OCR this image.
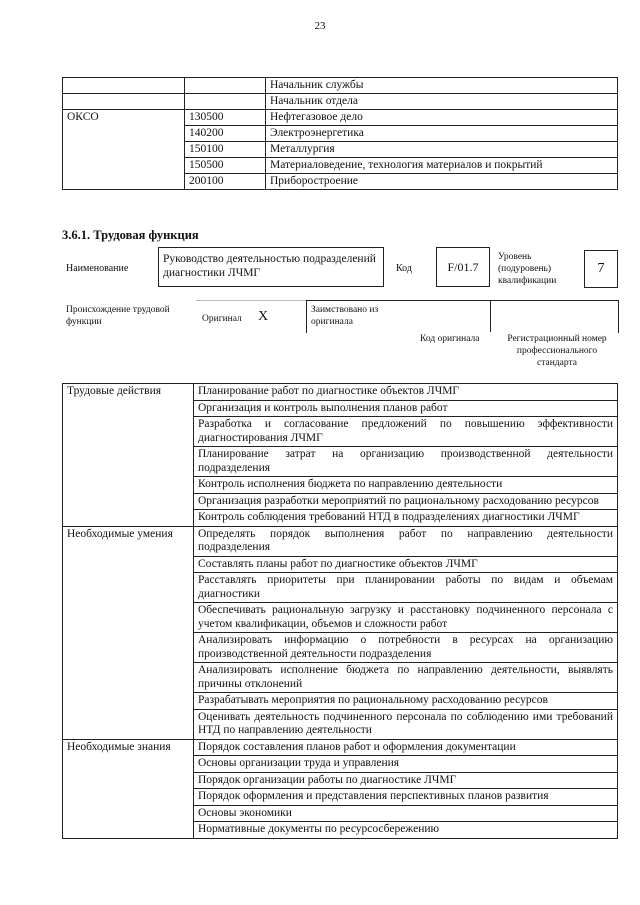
23
		Начальник службы
		Начальник отдела
ОКСО	130500	Нефтегазовое дело
	140200	Электроэнергетика
	150100	Металлургия
	150500	Материаловедение, технология материалов и покрытий
	200100	Приборостроение
3.6.1. Трудовая функция
Наименование
Руководство деятельностью подразделений диагностики ЛЧМГ	Код	F/01.7
Уровень (подуровень) квалификации
7
Происхождение трудовой функции	Оригинал X	Заимствовано из оригинала
Код оригинала	Регистрационный номер профессионального стандарта
Трудовые действия	Планирование работ по диагностике объектов ЛЧМГ
	Организация и контроль выполнения планов работ
	Разработка и согласование предложений по повышению эффективности диагностирования ЛЧМГ
	Планирование затрат на организацию производственной деятельности подразделения
	Контроль исполнения бюджета по направлению деятельности
	Организация разработки мероприятий по рациональному расходованию ресурсов
	Контроль соблюдения требований НТД в подразделениях диагностики ЛЧМГ
Необходимые умения	Определять порядок выполнения работ по направлению деятельности подразделения
	Составлять планы работ по диагностике объектов ЛЧМГ
	Расставлять приоритеты при планировании работы по видам и объемам диагностики
	Обеспечивать рациональную загрузку и расстановку подчиненного персонала с учетом квалификации, объемов и сложности работ
	Анализировать информацию о потребности в ресурсах на организацию производственной деятельности подразделения
	Анализировать исполнение бюджета по направлению деятельности, выявлять причины отклонений
	Разрабатывать мероприятия по рациональному расходованию ресурсов
	Оценивать деятельность подчиненного персонала по соблюдению ими требований НТД по направлению деятельности
Необходимые знания	Порядок составления планов работ и оформления документации
	Основы организации труда и управления
	Порядок организации работы по диагностике ЛЧМГ
	Порядок оформления и представления перспективных планов развития
	Основы экономики
	Нормативные документы по ресурсосбережению
